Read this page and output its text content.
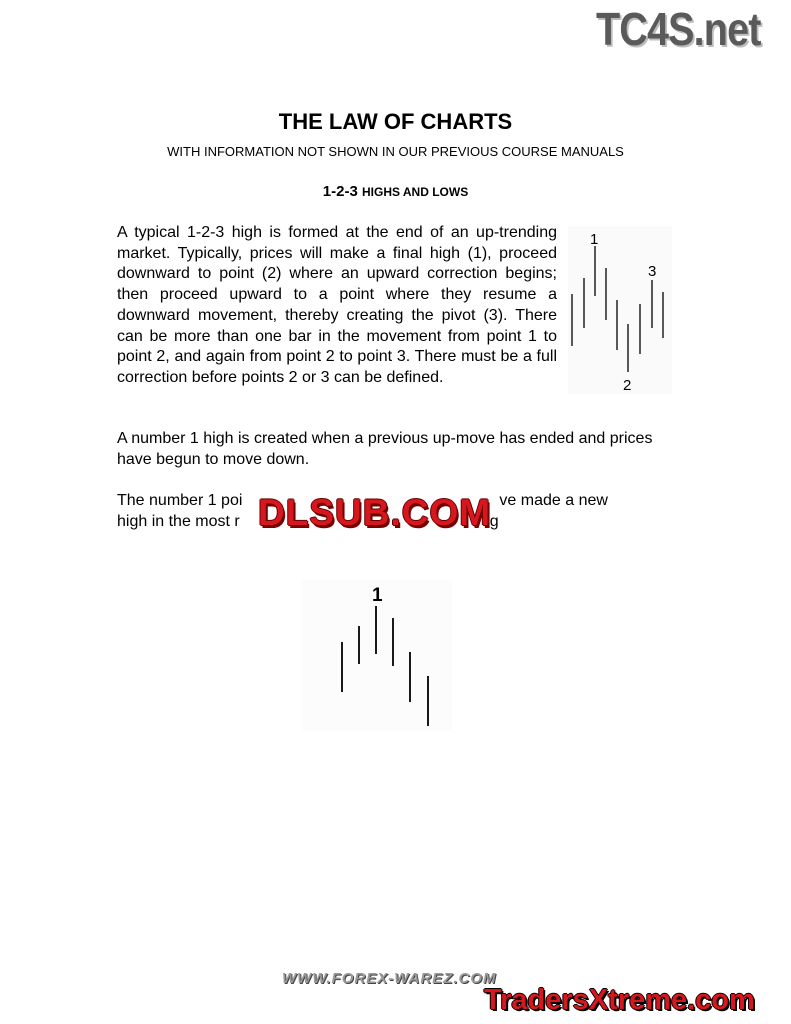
TC4S.net
THE LAW OF CHARTS
WITH INFORMATION NOT SHOWN IN OUR PREVIOUS COURSE MANUALS
1-2-3 HIGHS AND LOWS

A typical 1-2-3 high is formed at the end of an up-trending market. Typically, prices will make a final high (1), proceed downward to point (2) where an upward correction begins; then proceed upward to a point where they resume a downward movement, thereby creating the pivot (3). There can be more than one bar in the movement from point 1 to point 2, and again from point 2 to point 3. There must be a full correction before points 2 or 3 can be defined.

1
2
3

A number 1 high is created when a previous up-move has ended and prices have begun to move down.

The number 1 poi	ve made a new
high in the most r	g
DLSUB.COM
1
WWW.FOREX-WAREZ.COM
TradersXtreme.com
